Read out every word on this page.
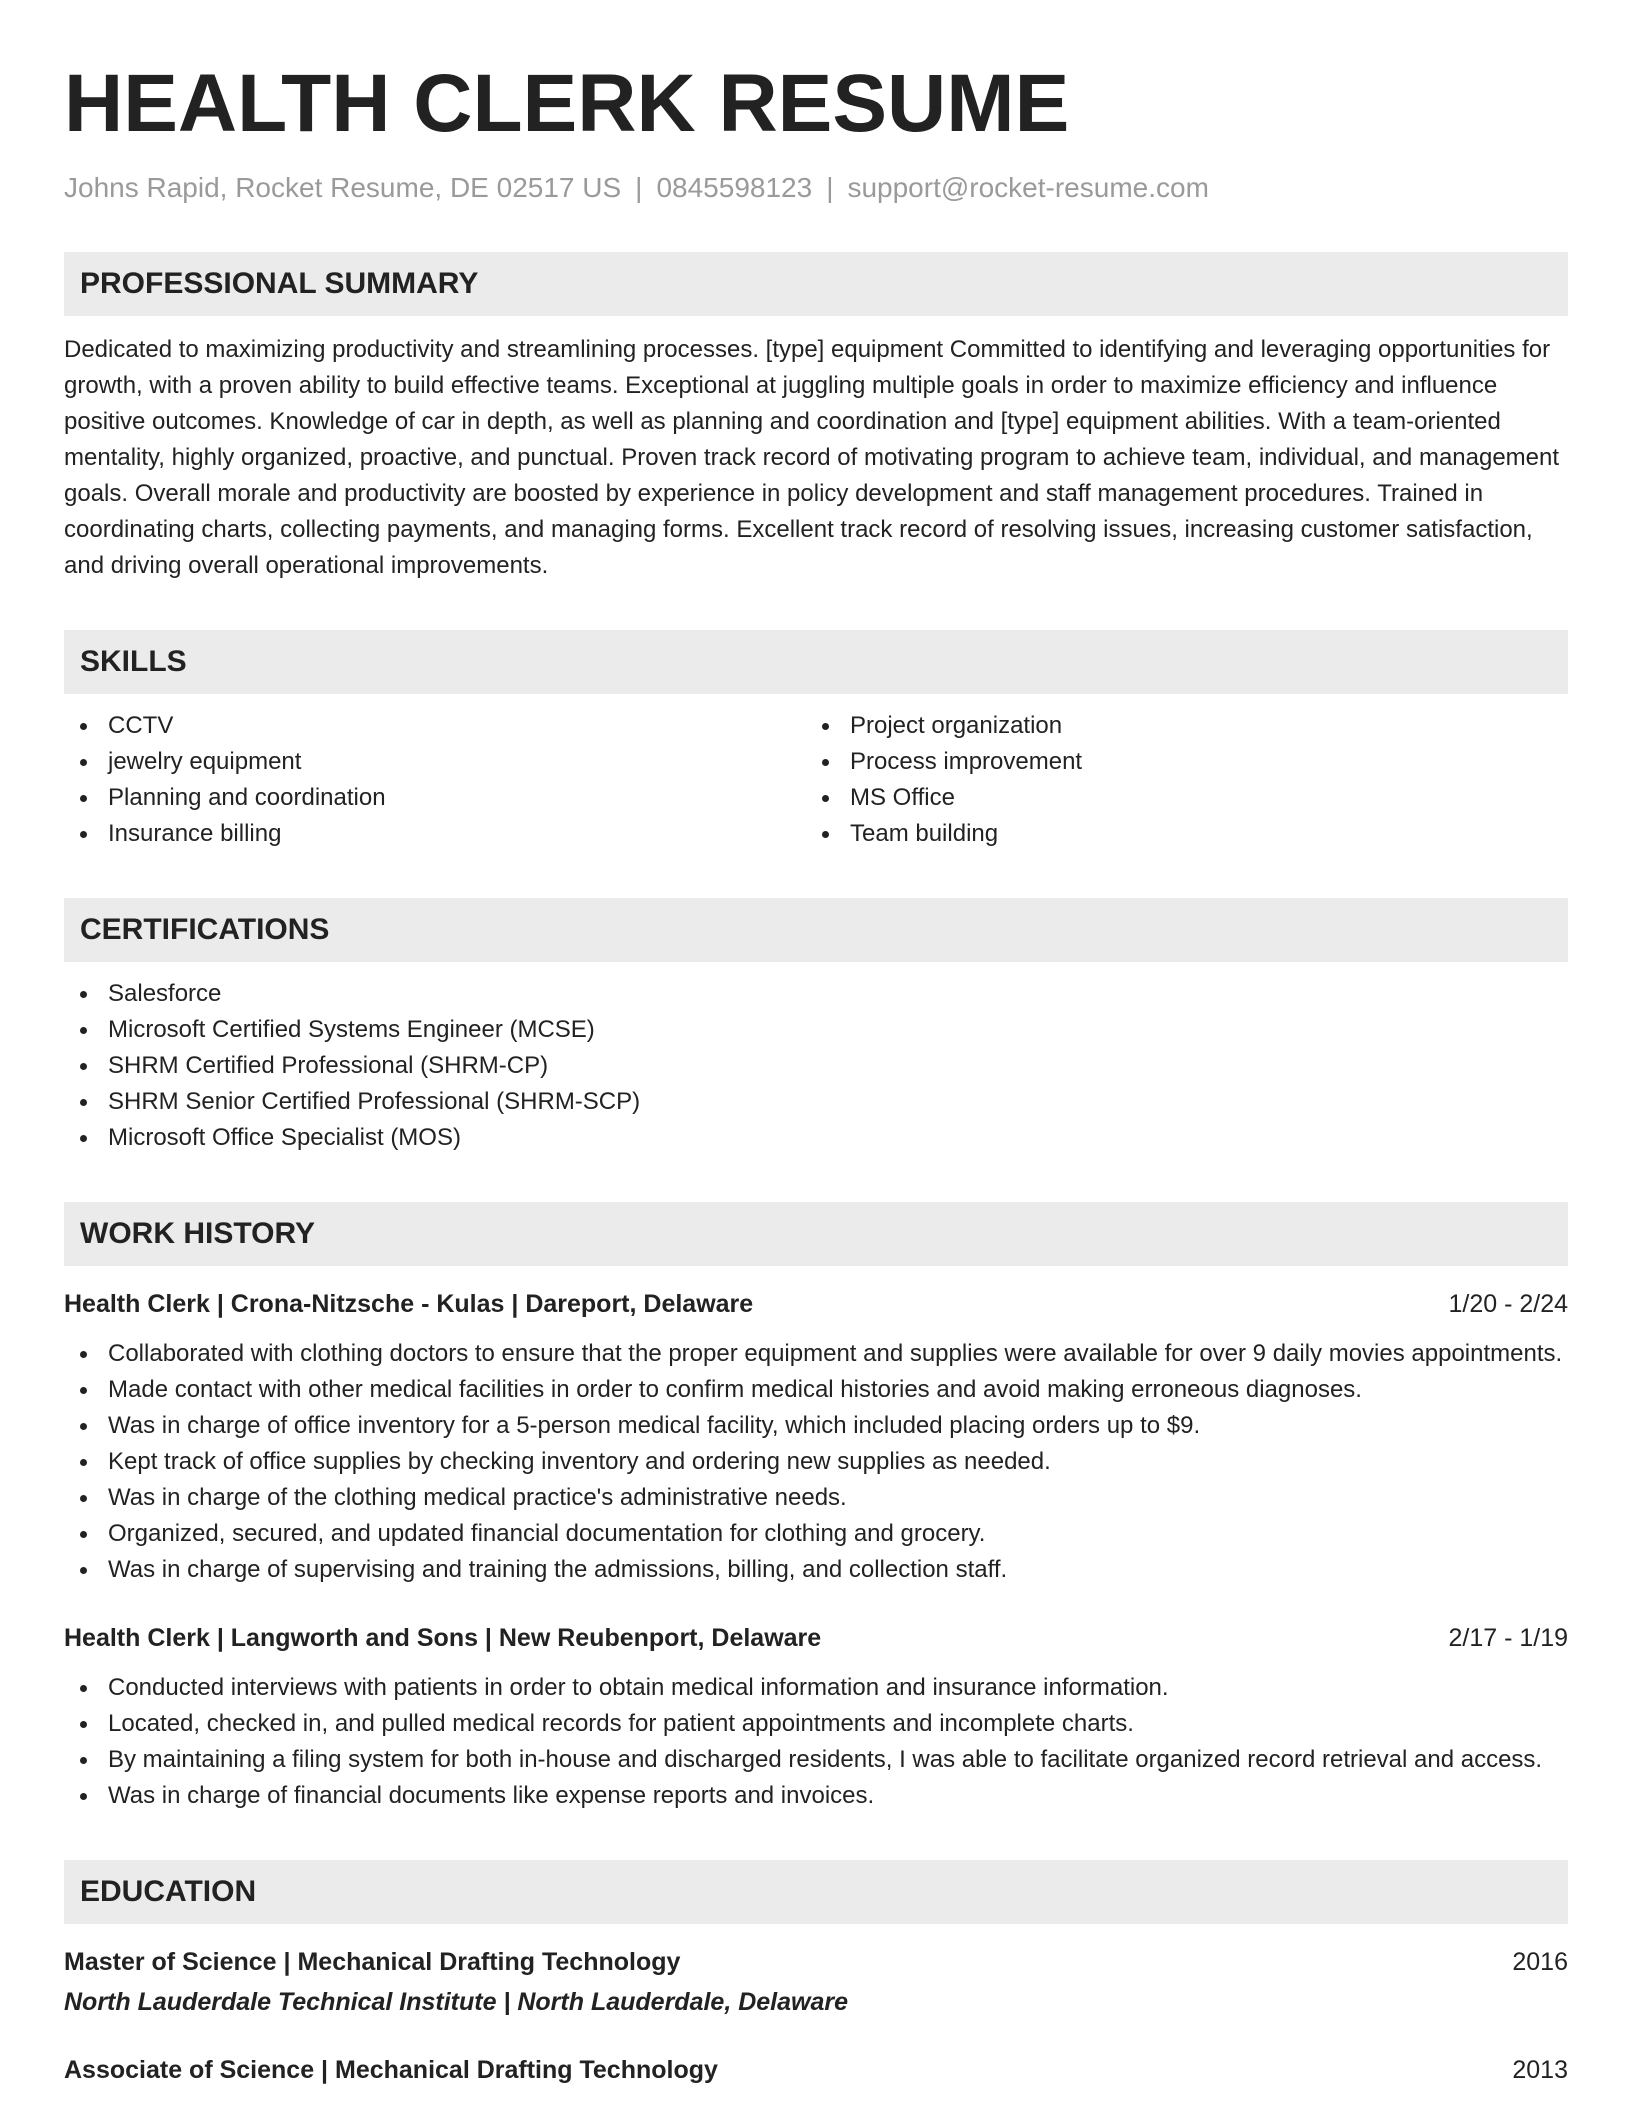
HEALTH CLERK RESUME
Johns Rapid, Rocket Resume, DE 02517 US | 0845598123 | support@rocket-resume.com
PROFESSIONAL SUMMARY

Dedicated to maximizing productivity and streamlining processes. [type] equipment Committed to identifying and leveraging opportunities for growth, with a proven ability to build effective teams. Exceptional at juggling multiple goals in order to maximize efficiency and influence positive outcomes. Knowledge of car in depth, as well as planning and coordination and [type] equipment abilities. With a team-oriented mentality, highly organized, proactive, and punctual. Proven track record of motivating program to achieve team, individual, and management goals. Overall morale and productivity are boosted by experience in policy development and staff management procedures. Trained in coordinating charts, collecting payments, and managing forms. Excellent track record of resolving issues, increasing customer satisfaction, and driving overall operational improvements.

SKILLS
CCTV
jewelry equipment
Planning and coordination
Insurance billing
Project organization
Process improvement
MS Office
Team building
CERTIFICATIONS
Salesforce
Microsoft Certified Systems Engineer (MCSE)
SHRM Certified Professional (SHRM-CP)
SHRM Senior Certified Professional (SHRM-SCP)
Microsoft Office Specialist (MOS)
WORK HISTORY
Health Clerk | Crona-Nitzsche - Kulas | Dareport, Delaware	1/20 - 2/24
Collaborated with clothing doctors to ensure that the proper equipment and supplies were available for over 9 daily movies appointments.
Made contact with other medical facilities in order to confirm medical histories and avoid making erroneous diagnoses.
Was in charge of office inventory for a 5-person medical facility, which included placing orders up to $9.
Kept track of office supplies by checking inventory and ordering new supplies as needed.
Was in charge of the clothing medical practice's administrative needs.
Organized, secured, and updated financial documentation for clothing and grocery.
Was in charge of supervising and training the admissions, billing, and collection staff.
Health Clerk | Langworth and Sons | New Reubenport, Delaware	2/17 - 1/19
Conducted interviews with patients in order to obtain medical information and insurance information.
Located, checked in, and pulled medical records for patient appointments and incomplete charts.
By maintaining a filing system for both in-house and discharged residents, I was able to facilitate organized record retrieval and access.
Was in charge of financial documents like expense reports and invoices.
EDUCATION
Master of Science | Mechanical Drafting Technology	2016
North Lauderdale Technical Institute | North Lauderdale, Delaware
Associate of Science | Mechanical Drafting Technology	2013
